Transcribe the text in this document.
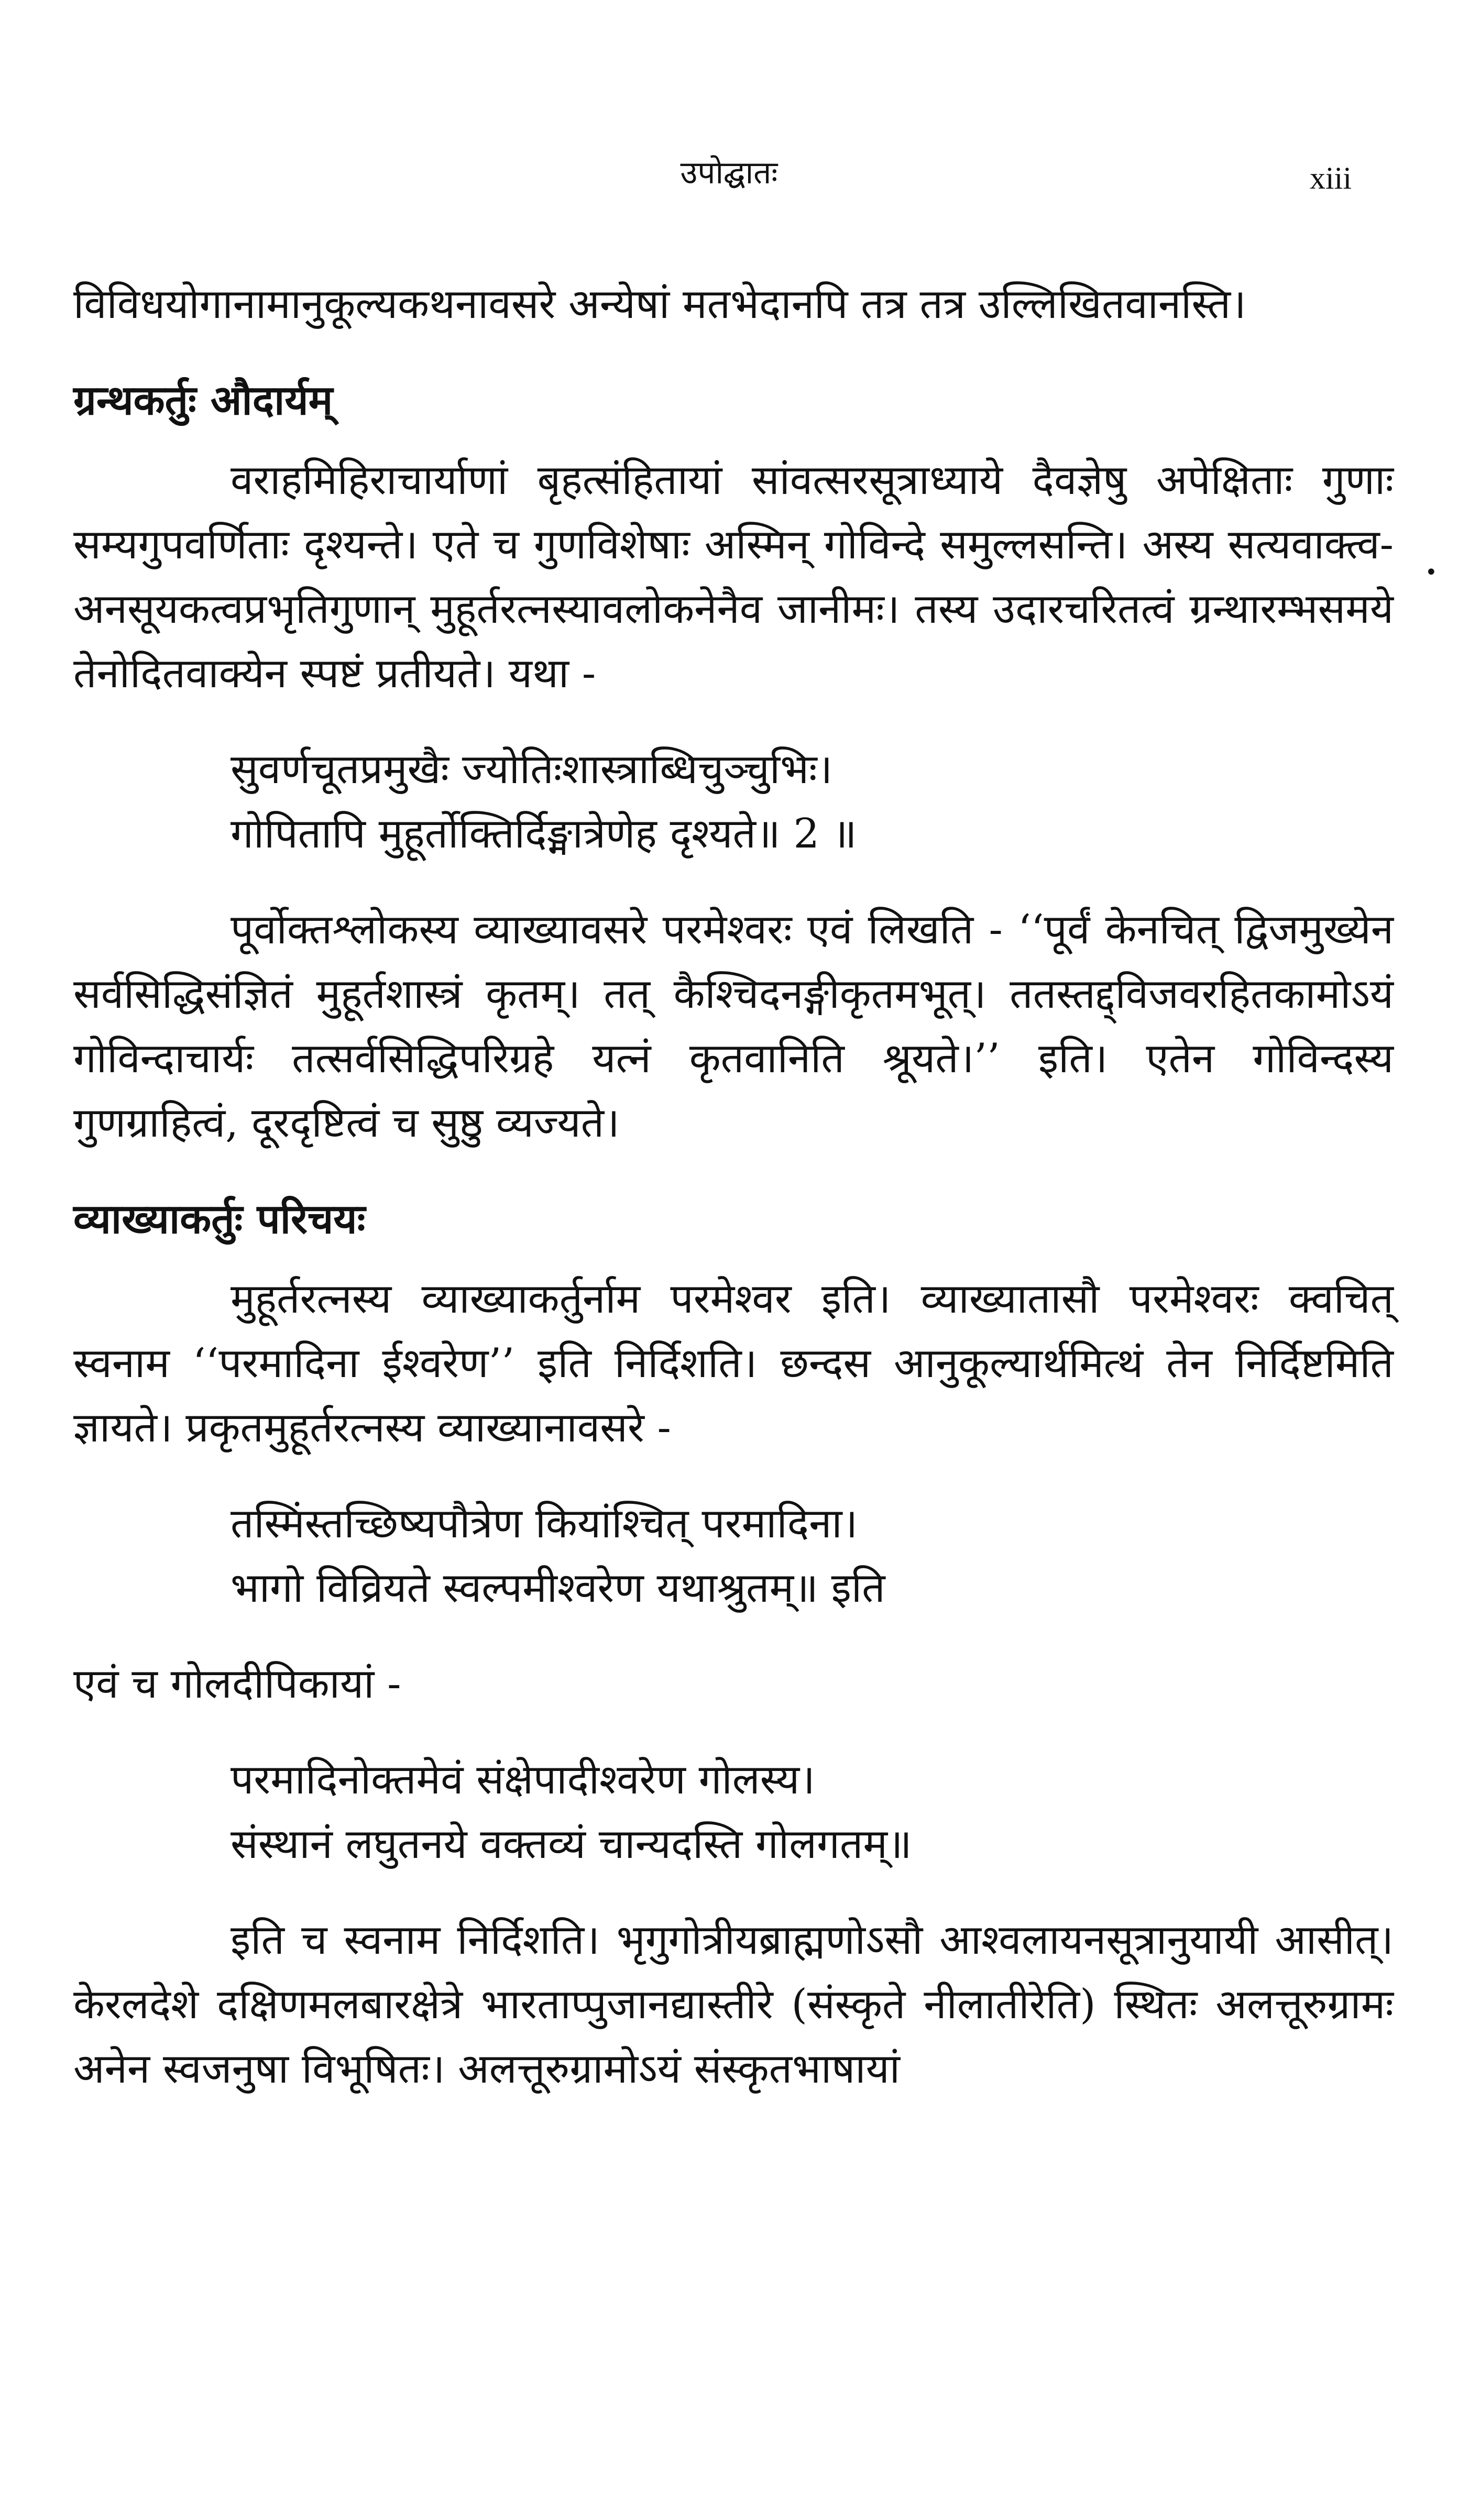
उपोद्घातः	xiii

विविधयोगानामानुकूल्यकथनावसरे अन्येषां मतभेदानपि तत्र तत्र उल्लिखितवानस्ति।

ग्रन्थकर्तुः औदार्यम्

वराहमिहिराचार्याणां बृहत्संहितायां सांवत्सरसूत्राध्याये दैवज्ञेषु अपेक्षिताः गुणाः सम्यगुपवर्णिताः दृश्यन्ते। एते च गुणविशेषाः अस्मिन् गोविन्दे समुल्लसन्ति। अस्य सत्यवाक्त्व- अनसूयकत्वप्रभृतिगुणान् मुहूर्तरत्नस्यावलोकनेनैव जानीमः। तस्य उदारचरितत्वं ग्रन्थारम्भसमये तेनोदितवाक्येन स्पष्टं प्रतीयते। यथा -

सुवर्णचूतप्रमुखैः ज्योतिःशास्त्राब्धिचुञ्चुभिः।
गोपितापि मुहूर्तोक्तिर्दिङ्मात्रेणेह दृश्यते॥ 2 ॥

पूर्वोक्तश्लोकस्य व्याख्यावसरे परमेश्वरः एवं लिखति - ‘‘पूर्वं केनचित् द्विजमुख्येन सर्वसिद्धिसंज्ञितं मुहूर्तशास्त्रं कृतम्। तत् कैश्चिदनङ्गीकृतमभूत्। ततस्तद्द्विजवरहितकामोऽयं गोविन्दाचार्यः तत्सर्वसिद्धिपरिग्रहे यत्नं कृतवानिति श्रूयते।’’ इति। एतेन गोविन्दस्य गुणग्राहित्वं, दूरदृष्टित्वं च सुष्ठु व्यज्यते।

व्याख्याकर्तुः परिचयः

मुहूर्तरत्नस्य व्याख्याकर्तुर्नाम परमेश्वर इति। व्याख्यातासौ परमेश्वरः क्वचित् स्वनाम ‘‘परमादिना ईश्वरेण’’ इति निर्दिशति। छन्दस आनुकूल्यार्थमित्थं तेन निर्दिष्टमिति ज्ञायते। प्रकृतमुहूर्तरत्नस्य व्याख्यानावसरे -

तस्मिंस्तच्छिष्यपौत्रेण कियांश्चित् परमादिना।
भागो विव्रियते स्वल्पमीश्वरेण यथाश्रुतम्॥ इति

एवं च गोलदीपिकायां -

परमादिनोक्तमेवं संक्षेपादीश्वरेण गोलस्य।
संस्थानं लघुतनये वक्तव्यं चान्यदस्ति गोलगतम्॥

इति च स्वनाम निर्दिशति। भृगुगोत्रीयब्राह्मणोऽसौ आश्वलायनसूत्रानुयायी आसीत्। केरलदेशे दक्षिणमलबारक्षेत्रे भारताप्पुजानद्यास्तीरे (संस्कृते नीलातीरेति) स्थितः अलत्तूरुग्रामः अनेन स्वजनुषा विभूषितः। अलत्तूरुग्रामोऽयं संस्कृतभाषायां

•
